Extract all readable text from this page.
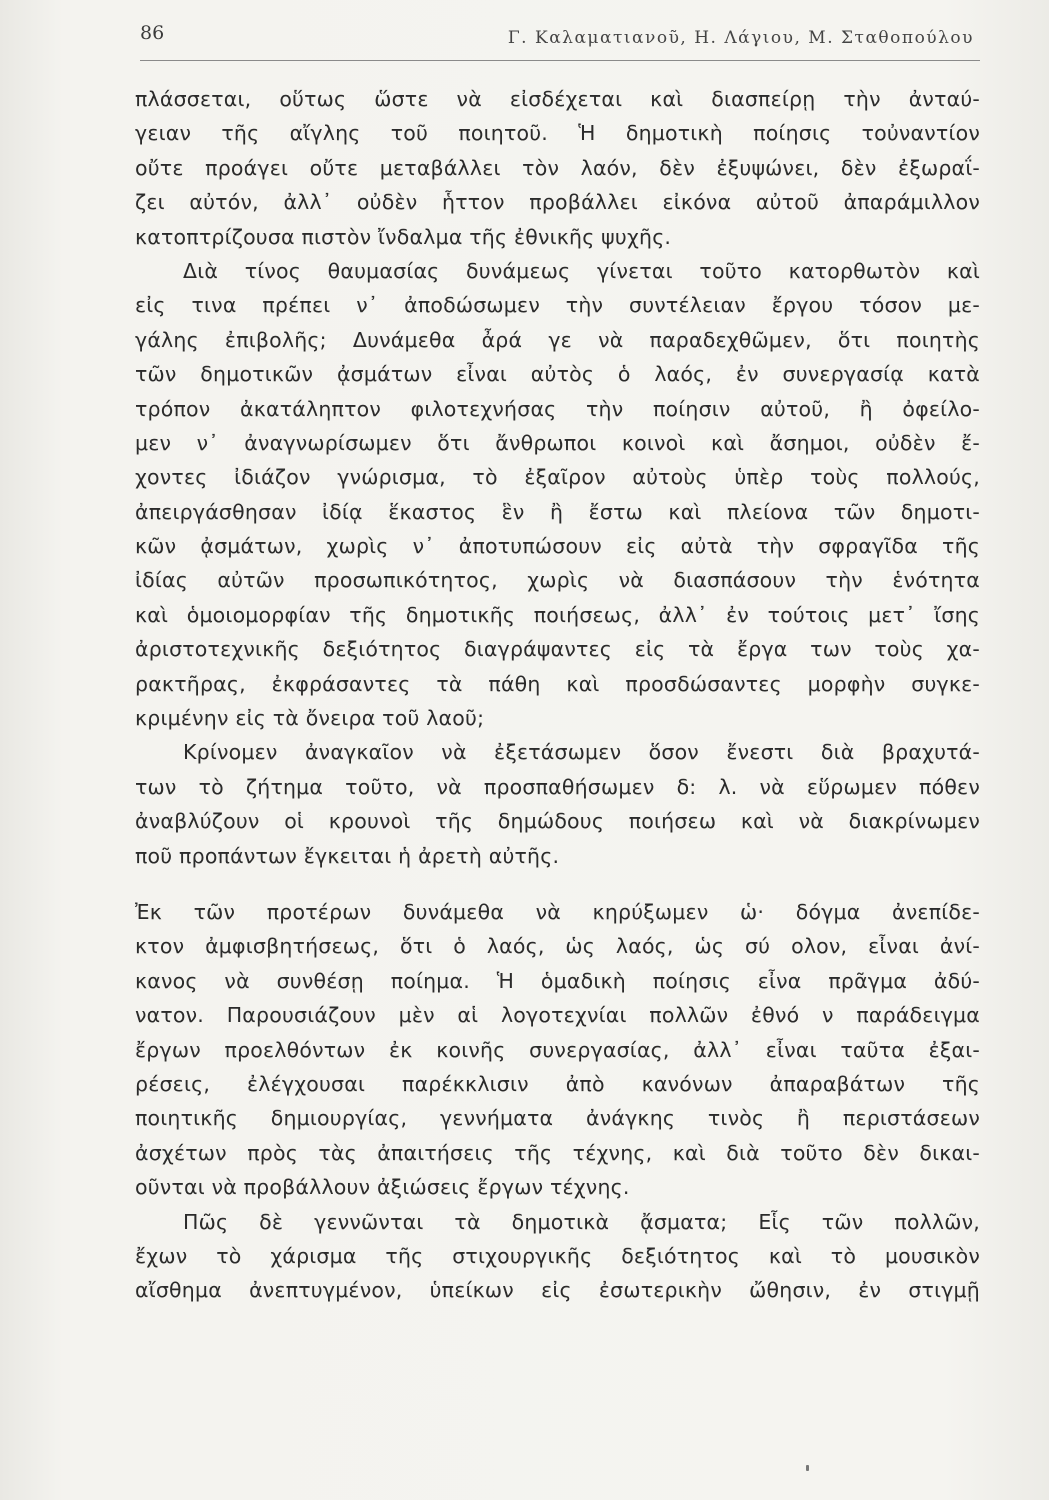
86	Γ. Καλαματιανοῦ, Η. Λάγιου, Μ. Σταθοπούλου
πλάσσεται, οὕτως ὥστε νὰ εἰσδέχεται καὶ διασπείρῃ τὴν ἀνταύ-
γειαν τῆς αἴγλης τοῦ ποιητοῦ. Ἡ δημοτικὴ ποίησις τοὐναντίον
οὔτε προάγει οὔτε μεταβάλλει τὸν λαόν, δὲν ἐξυψώνει, δὲν ἐξωραΐ-
ζει αὐτόν, ἀλλ᾽ οὐδὲν ἧττον προβάλλει εἰκόνα αὐτοῦ ἀπαράμιλλον
κατοπτρίζουσα πιστὸν ἴνδαλμα τῆς ἐθνικῆς ψυχῆς.
Διὰ τίνος θαυμασίας δυνάμεως γίνεται τοῦτο κατορθωτὸν καὶ
εἰς τινα πρέπει ν᾽ ἀποδώσωμεν τὴν συντέλειαν ἔργου τόσον με-
γάλης ἐπιβολῆς; Δυνάμεθα ἆρά γε νὰ παραδεχθῶμεν, ὅτι ποιητὴς
τῶν δημοτικῶν ᾀσμάτων εἶναι αὐτὸς ὁ λαός, ἐν συνεργασίᾳ κατὰ
τρόπον ἀκατάληπτον φιλοτεχνήσας τὴν ποίησιν αὐτοῦ, ἢ ὀφείλο-
μεν ν᾽ ἀναγνωρίσωμεν ὅτι ἄνθρωποι κοινοὶ καὶ ἄσημοι, οὐδὲν ἔ-
χοντες ἰδιάζον γνώρισμα, τὸ ἐξαῖρον αὐτοὺς ὑπὲρ τοὺς πολλούς,
ἀπειργάσθησαν ἰδίᾳ ἕκαστος ἓν ἢ ἔστω καὶ πλείονα τῶν δημοτι-
κῶν ᾀσμάτων, χωρὶς ν᾽ ἀποτυπώσουν εἰς αὐτὰ τὴν σφραγῖδα τῆς
ἰδίας αὐτῶν προσωπικότητος, χωρὶς νὰ διασπάσουν τὴν ἑνότητα
καὶ ὁμοιομορφίαν τῆς δημοτικῆς ποιήσεως, ἀλλ᾽ ἐν τούτοις μετ᾽ ἴσης
ἀριστοτεχνικῆς δεξιότητος διαγράψαντες εἰς τὰ ἔργα των τοὺς χα-
ρακτῆρας, ἐκφράσαντες τὰ πάθη καὶ προσδώσαντες μορφὴν συγκε-
κριμένην εἰς τὰ ὄνειρα τοῦ λαοῦ;
Κρίνομεν ἀναγκαῖον νὰ ἐξετάσωμεν ὅσον ἔνεστι διὰ βραχυτά-
των τὸ ζήτημα τοῦτο, νὰ προσπαθήσωμεν δ: λ. νὰ εὕρωμεν πόθεν
ἀναβλύζουν οἱ κρουνοὶ τῆς δημώδους ποιήσεω καὶ νὰ διακρίνωμεν
ποῦ προπάντων ἔγκειται ἡ ἀρετὴ αὐτῆς.
Ἐκ τῶν προτέρων δυνάμεθα νὰ κηρύξωμεν ὡ· δόγμα ἀνεπίδε-
κτον ἀμφισβητήσεως, ὅτι ὁ λαός, ὡς λαός, ὡς σύ ολον, εἶναι ἀνί-
κανος νὰ συνθέσῃ ποίημα. Ἡ ὁμαδικὴ ποίησις εἶνα πρᾶγμα ἀδύ-
νατον. Παρουσιάζουν μὲν αἱ λογοτεχνίαι πολλῶν ἐθνό ν παράδειγμα
ἔργων προελθόντων ἐκ κοινῆς συνεργασίας, ἀλλ᾽ εἶναι ταῦτα ἐξαι-
ρέσεις, ἐλέγχουσαι παρέκκλισιν ἀπὸ κανόνων ἀπαραβάτων τῆς
ποιητικῆς δημιουργίας, γεννήματα ἀνάγκης τινὸς ἢ περιστάσεων
ἀσχέτων πρὸς τὰς ἀπαιτήσεις τῆς τέχνης, καὶ διὰ τοῦτο δὲν δικαι-
οῦνται νὰ προβάλλουν ἀξιώσεις ἔργων τέχνης.
Πῶς δὲ γεννῶνται τὰ δημοτικὰ ᾄσματα; Εἷς τῶν πολλῶν,
ἔχων τὸ χάρισμα τῆς στιχουργικῆς δεξιότητος καὶ τὸ μουσικὸν
αἴσθημα ἀνεπτυγμένον, ὑπείκων εἰς ἐσωτερικὴν ὤθησιν, ἐν στιγμῇ
